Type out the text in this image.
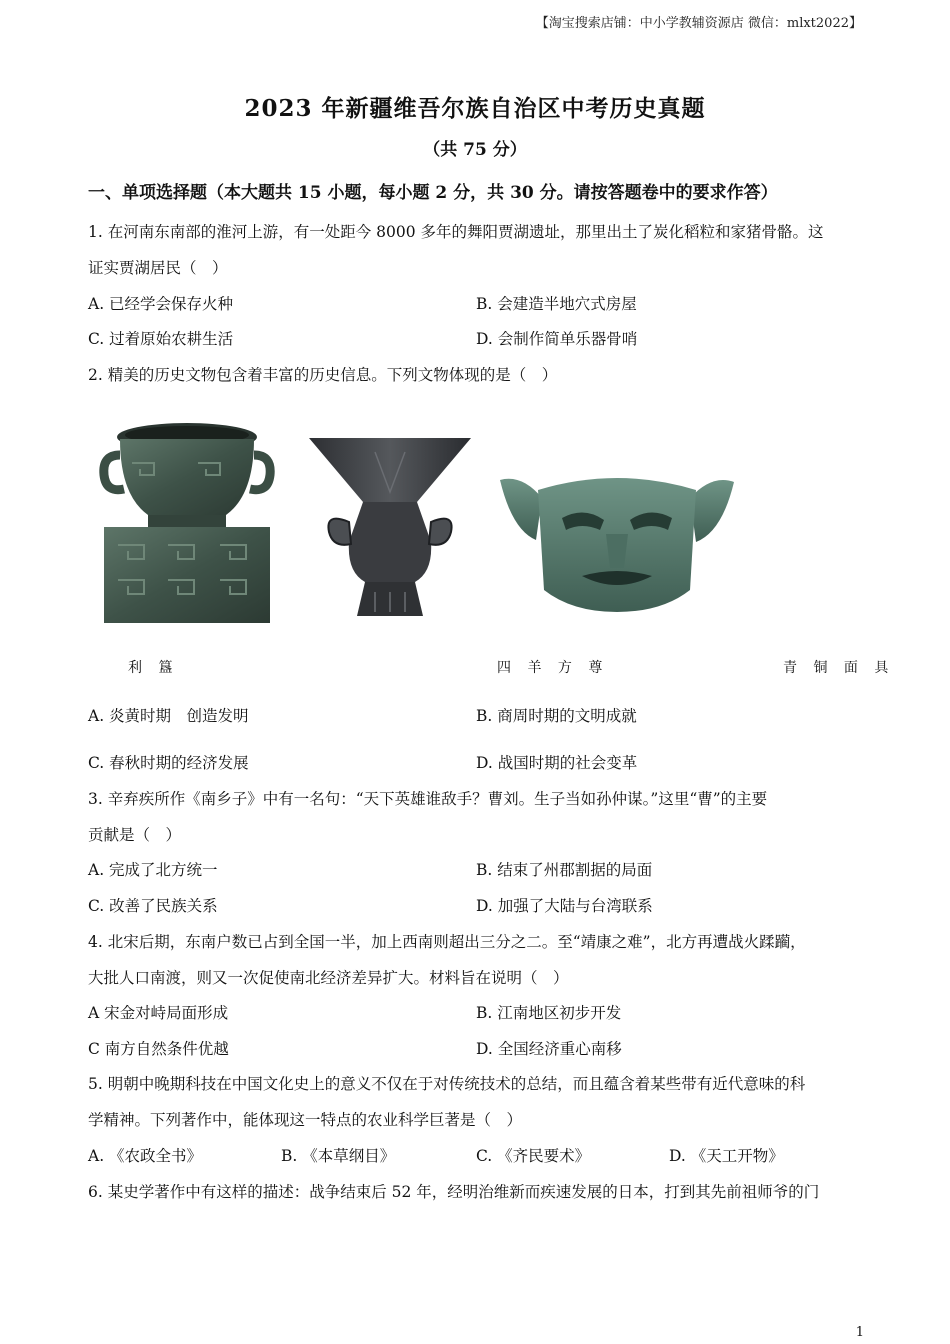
【淘宝搜索店铺：中小学教辅资源店 微信：mlxt2022】
2023 年新疆维吾尔族自治区中考历史真题
（共 75 分）
一、单项选择题（本大题共 15 小题，每小题 2 分，共 30 分。请按答题卷中的要求作答）
1. 在河南东南部的淮河上游，有一处距今 8000 多年的舞阳贾湖遗址，那里出土了炭化稻粒和家猪骨骼。这
证实贾湖居民（　）
A. 已经学会保存火种	B. 会建造半地穴式房屋
C. 过着原始农耕生活	D. 会制作简单乐器骨哨
2. 精美的历史文物包含着丰富的历史信息。下列文物体现的是（　）
利 簋	四 羊 方 尊	青 铜 面 具
A. 炎黄时期　创造发明	B. 商周时期的文明成就
C. 春秋时期的经济发展	D. 战国时期的社会变革
3. 辛弃疾所作《南乡子》中有一名句：“天下英雄谁敌手？曹刘。生子当如孙仲谋。”这里“曹”的主要
贡献是（　）
A. 完成了北方统一	B. 结束了州郡割据的局面
C. 改善了民族关系	D. 加强了大陆与台湾联系
4. 北宋后期，东南户数已占到全国一半，加上西南则超出三分之二。至“靖康之难”，北方再遭战火蹂躏，
大批人口南渡，则又一次促使南北经济差异扩大。材料旨在说明（　）
A 宋金对峙局面形成	B. 江南地区初步开发
C 南方自然条件优越	D. 全国经济重心南移
5. 明朝中晚期科技在中国文化史上的意义不仅在于对传统技术的总结，而且蕴含着某些带有近代意味的科
学精神。下列著作中，能体现这一特点的农业科学巨著是（　）
A. 《农政全书》	B. 《本草纲目》	C. 《齐民要术》	D. 《天工开物》
6. 某史学著作中有这样的描述：战争结束后 52 年，经明治维新而疾速发展的日本，打到其先前祖师爷的门
1
